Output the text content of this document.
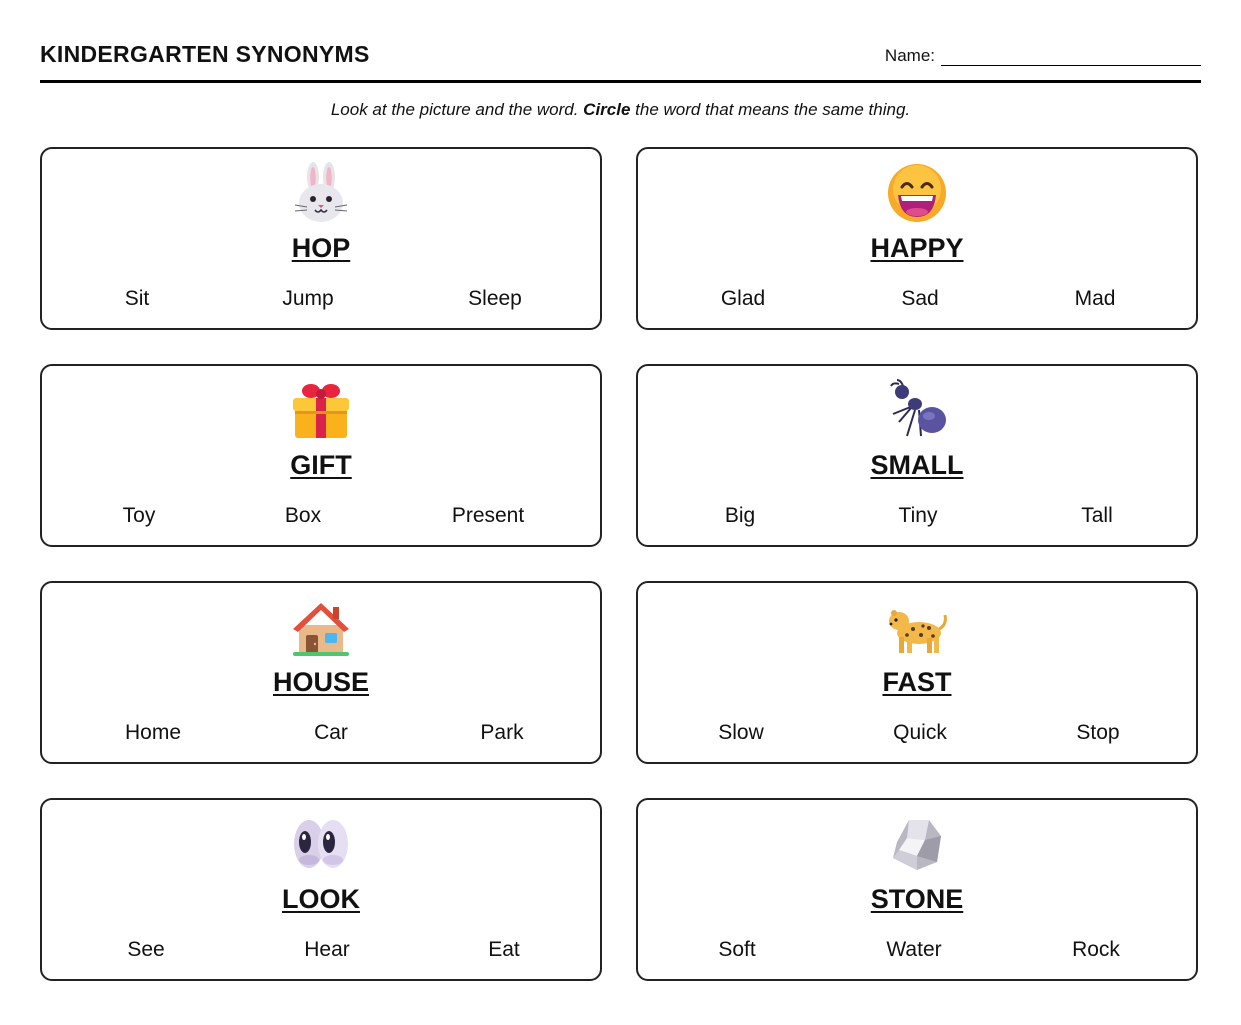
KINDERGARTEN SYNONYMS	Name:
Look at the picture and the word. Circle the word that means the same thing.
HOP
Sit	Jump	Sleep
HAPPY
Glad	Sad	Mad
GIFT
Toy	Box	Present
SMALL
Big	Tiny	Tall
HOUSE
Home	Car	Park
FAST
Slow	Quick	Stop
LOOK
See	Hear	Eat
STONE
Soft	Water	Rock
